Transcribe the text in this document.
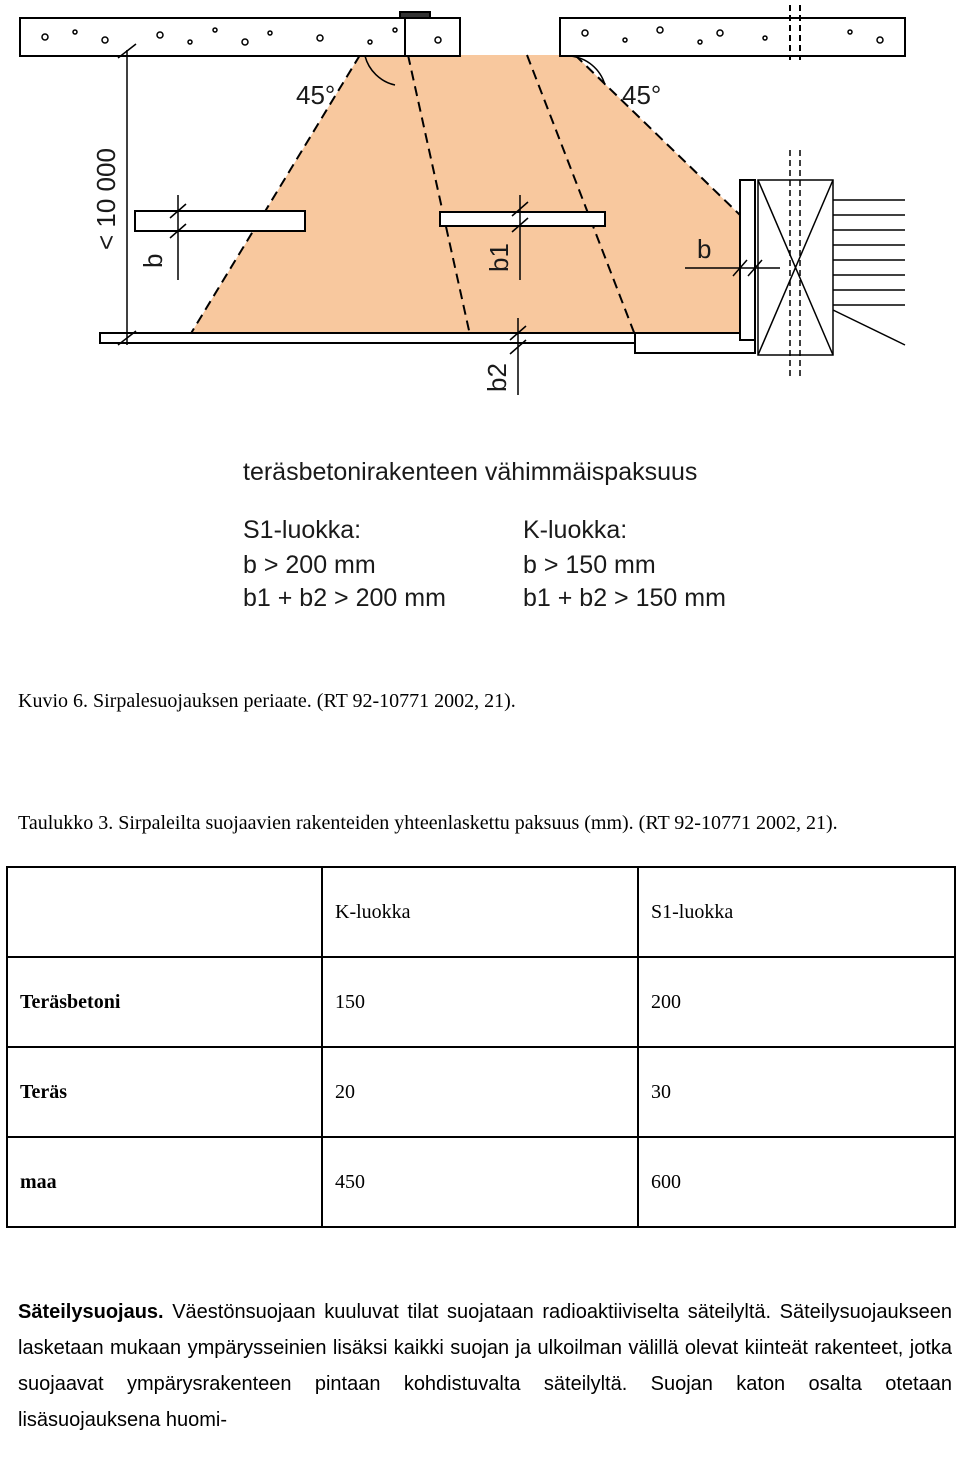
45°	45°
< 10 000
b	b1
b2
b
teräsbetonirakenteen vähimmäispaksuus
S1-luokka:
b > 200 mm
b1 + b2 > 200 mm
K-luokka:
b > 150 mm
b1 + b2 > 150 mm
Kuvio 6. Sirpalesuojauksen periaate. (RT 92-10771 2002, 21).
Taulukko 3. Sirpaleilta suojaavien rakenteiden yhteenlaskettu paksuus (mm). (RT 92-10771 2002, 21).
	K-luokka	S1-luokka
Teräsbetoni	150	200
Teräs	20	30
maa	450	600
Säteilysuojaus. Väestönsuojaan kuuluvat tilat suojataan radioaktiiviselta säteilyltä. Säteilysuojaukseen lasketaan mukaan ympärysseinien lisäksi kaikki suojan ja ulkoilman välillä olevat kiinteät rakenteet, jotka suojaavat ympärysrakenteen pintaan kohdistuvalta säteilyltä. Suojan katon osalta otetaan lisäsuojauksena huomi-
